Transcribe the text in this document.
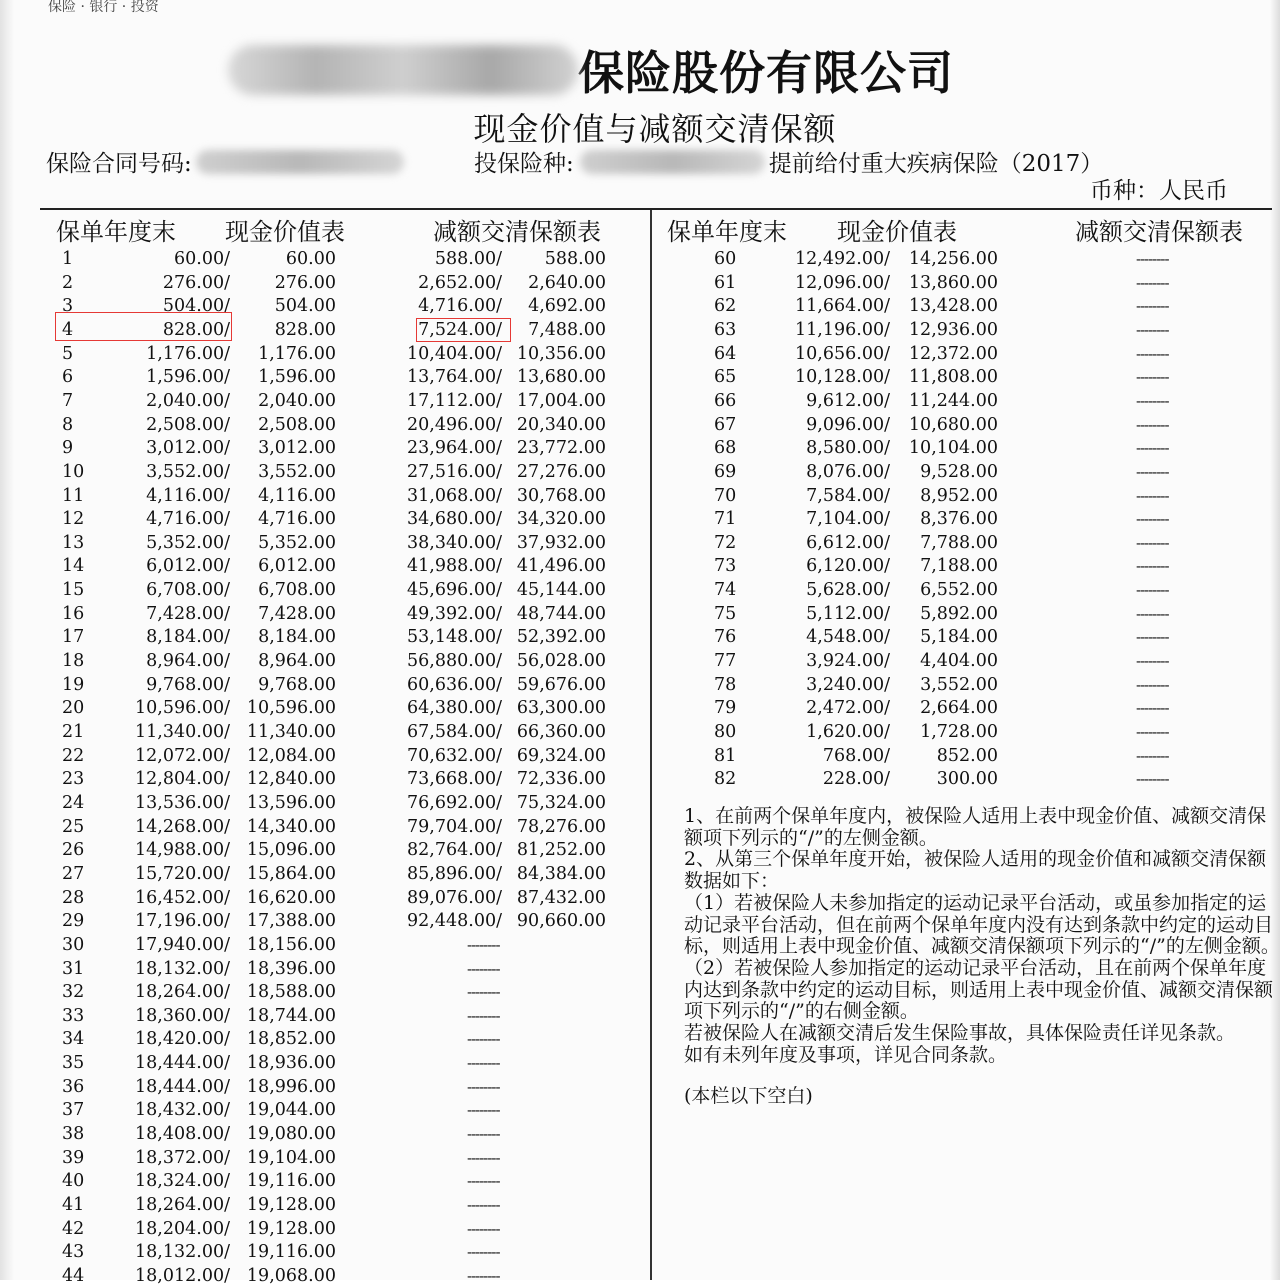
保险 · 银行 · 投资
保险股份有限公司
现金价值与减额交清保额
保险合同号码:	投保险种:	提前给付重大疾病保险（2017）
币种：人民币
保单年度末 现金价值表	减额交清保额表	保单年度末 现金价值表	减额交清保额表
1	60.00/	60.00	588.00/	588.00
2	276.00/	276.00	2,652.00/	2,640.00
3	504.00/	504.00	4,716.00/	4,692.00
4	828.00/	828.00	7,524.00/	7,488.00
5	1,176.00/	1,176.00	10,404.00/ 10,356.00
6	1,596.00/	1,596.00	13,764.00/ 13,680.00
7	2,040.00/	2,040.00	17,112.00/ 17,004.00
8	2,508.00/	2,508.00	20,496.00/ 20,340.00
9	3,012.00/	3,012.00	23,964.00/ 23,772.00
10	3,552.00/	3,552.00	27,516.00/ 27,276.00
11	4,116.00/	4,116.00	31,068.00/ 30,768.00
12	4,716.00/	4,716.00	34,680.00/ 34,320.00
13	5,352.00/	5,352.00	38,340.00/ 37,932.00
14	6,012.00/	6,012.00	41,988.00/ 41,496.00
15	6,708.00/	6,708.00	45,696.00/ 45,144.00
16	7,428.00/	7,428.00	49,392.00/ 48,744.00
17	8,184.00/	8,184.00	53,148.00/ 52,392.00
18	8,964.00/	8,964.00	56,880.00/ 56,028.00
19	9,768.00/	9,768.00	60,636.00/ 59,676.00
20	10,596.00/ 10,596.00	64,380.00/ 63,300.00
21	11,340.00/ 11,340.00	67,584.00/ 66,360.00
22	12,072.00/ 12,084.00	70,632.00/ 69,324.00
23	12,804.00/ 12,840.00	73,668.00/ 72,336.00
24	13,536.00/ 13,596.00	76,692.00/ 75,324.00
25	14,268.00/ 14,340.00	79,704.00/ 78,276.00
26	14,988.00/ 15,096.00	82,764.00/ 81,252.00
27	15,720.00/ 15,864.00	85,896.00/ 84,384.00
28	16,452.00/ 16,620.00	89,076.00/ 87,432.00
29	17,196.00/ 17,388.00	92,448.00/ 90,660.00
30	17,940.00/ 18,156.00	--------
31	18,132.00/ 18,396.00	--------
32	18,264.00/ 18,588.00	--------
33	18,360.00/ 18,744.00	--------
34	18,420.00/ 18,852.00	--------
35	18,444.00/ 18,936.00	--------
36	18,444.00/ 18,996.00	--------
37	18,432.00/ 19,044.00	--------
38	18,408.00/ 19,080.00	--------
39	18,372.00/ 19,104.00	--------
40	18,324.00/ 19,116.00	--------
41	18,264.00/ 19,128.00	--------
42	18,204.00/ 19,128.00	--------
43	18,132.00/ 19,116.00	--------
44	18,012.00/ 19,068.00	--------
60	12,492.00/	14,256.00	--------
61	12,096.00/	13,860.00	--------
62	11,664.00/	13,428.00	--------
63	11,196.00/	12,936.00	--------
64	10,656.00/	12,372.00	--------
65	10,128.00/	11,808.00	--------
66	9,612.00/	11,244.00	--------
67	9,096.00/	10,680.00	--------
68	8,580.00/	10,104.00	--------
69	8,076.00/	9,528.00	--------
70	7,584.00/	8,952.00	--------
71	7,104.00/	8,376.00	--------
72	6,612.00/	7,788.00	--------
73	6,120.00/	7,188.00	--------
74	5,628.00/	6,552.00	--------
75	5,112.00/	5,892.00	--------
76	4,548.00/	5,184.00	--------
77	3,924.00/	4,404.00	--------
78	3,240.00/	3,552.00	--------
79	2,472.00/	2,664.00	--------
80	1,620.00/	1,728.00	--------
81	768.00/	852.00	--------
82	228.00/	300.00	--------

1、在前两个保单年度内，被保险人适用上表中现金价值、减额交清保额项下列示的“/”的左侧金额。

2、从第三个保单年度开始，被保险人适用的现金价值和减额交清保额数据如下：

（1）若被保险人未参加指定的运动记录平台活动，或虽参加指定的运动记录平台活动，但在前两个保单年度内没有达到条款中约定的运动目标，则适用上表中现金价值、减额交清保额项下列示的“/”的左侧金额。

（2）若被保险人参加指定的运动记录平台活动，且在前两个保单年度内达到条款中约定的运动目标，则适用上表中现金价值、减额交清保额项下列示的“/”的右侧金额。

若被保险人在减额交清后发生保险事故，具体保险责任详见条款。

如有未列年度及事项，详见合同条款。

(本栏以下空白)
